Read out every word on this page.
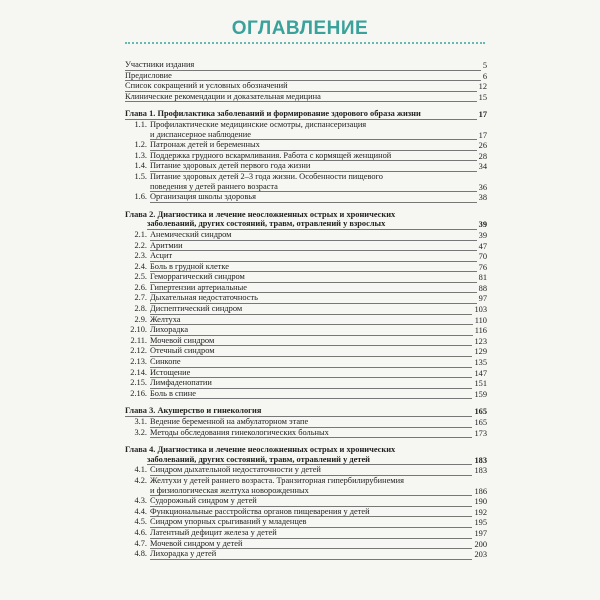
ОГЛАВЛЕНИЕ
Участники издания	5
Предисловие	6
Список сокращений и условных обозначений	12
Клинические рекомендации и доказательная медицина	15
Глава 1. Профилактика заболеваний и формирование здорового образа жизни	17
1.1. Профилактические медицинские осмотры, диспансеризация
и диспансерное наблюдение	17
1.2. Патронаж детей и беременных	26
1.3. Поддержка грудного вскармливания. Работа с кормящей женщиной	28
1.4. Питание здоровых детей первого года жизни	34
1.5. Питание здоровых детей 2–3 года жизни. Особенности пищевого
поведения у детей раннего возраста	36
1.6. Организация школы здоровья	38
Глава 2. Диагностика и лечение неосложненных острых и хронических
заболеваний, других состояний, травм, отравлений у взрослых	39
2.1. Анемический синдром	39
2.2. Аритмии	47
2.3. Асцит	70
2.4. Боль в грудной клетке	76
2.5. Геморрагический синдром	81
2.6. Гипертензии артериальные	88
2.7. Дыхательная недостаточность	97
2.8. Диспептический синдром	103
2.9. Желтуха	110
2.10. Лихорадка	116
2.11. Мочевой синдром	123
2.12. Отечный синдром	129
2.13. Синкопе	135
2.14. Истощение	147
2.15. Лимфаденопатии	151
2.16. Боль в спине	159
Глава 3. Акушерство и гинекология	165
3.1. Ведение беременной на амбулаторном этапе	165
3.2. Методы обследования гинекологических больных	173
Глава 4. Диагностика и лечение неосложненных острых и хронических
заболеваний, других состояний, травм, отравлений у детей	183
4.1. Синдром дыхательной недостаточности у детей	183
4.2. Желтухи у детей раннего возраста. Транзиторная гипербилирубинемия
и физиологическая желтуха новорожденных	186
4.3. Судорожный синдром у детей	190
4.4. Функциональные расстройства органов пищеварения у детей	192
4.5. Синдром упорных срыгиваний у младенцев	195
4.6. Латентный дефицит железа у детей	197
4.7. Мочевой синдром у детей	200
4.8. Лихорадка у детей	203
